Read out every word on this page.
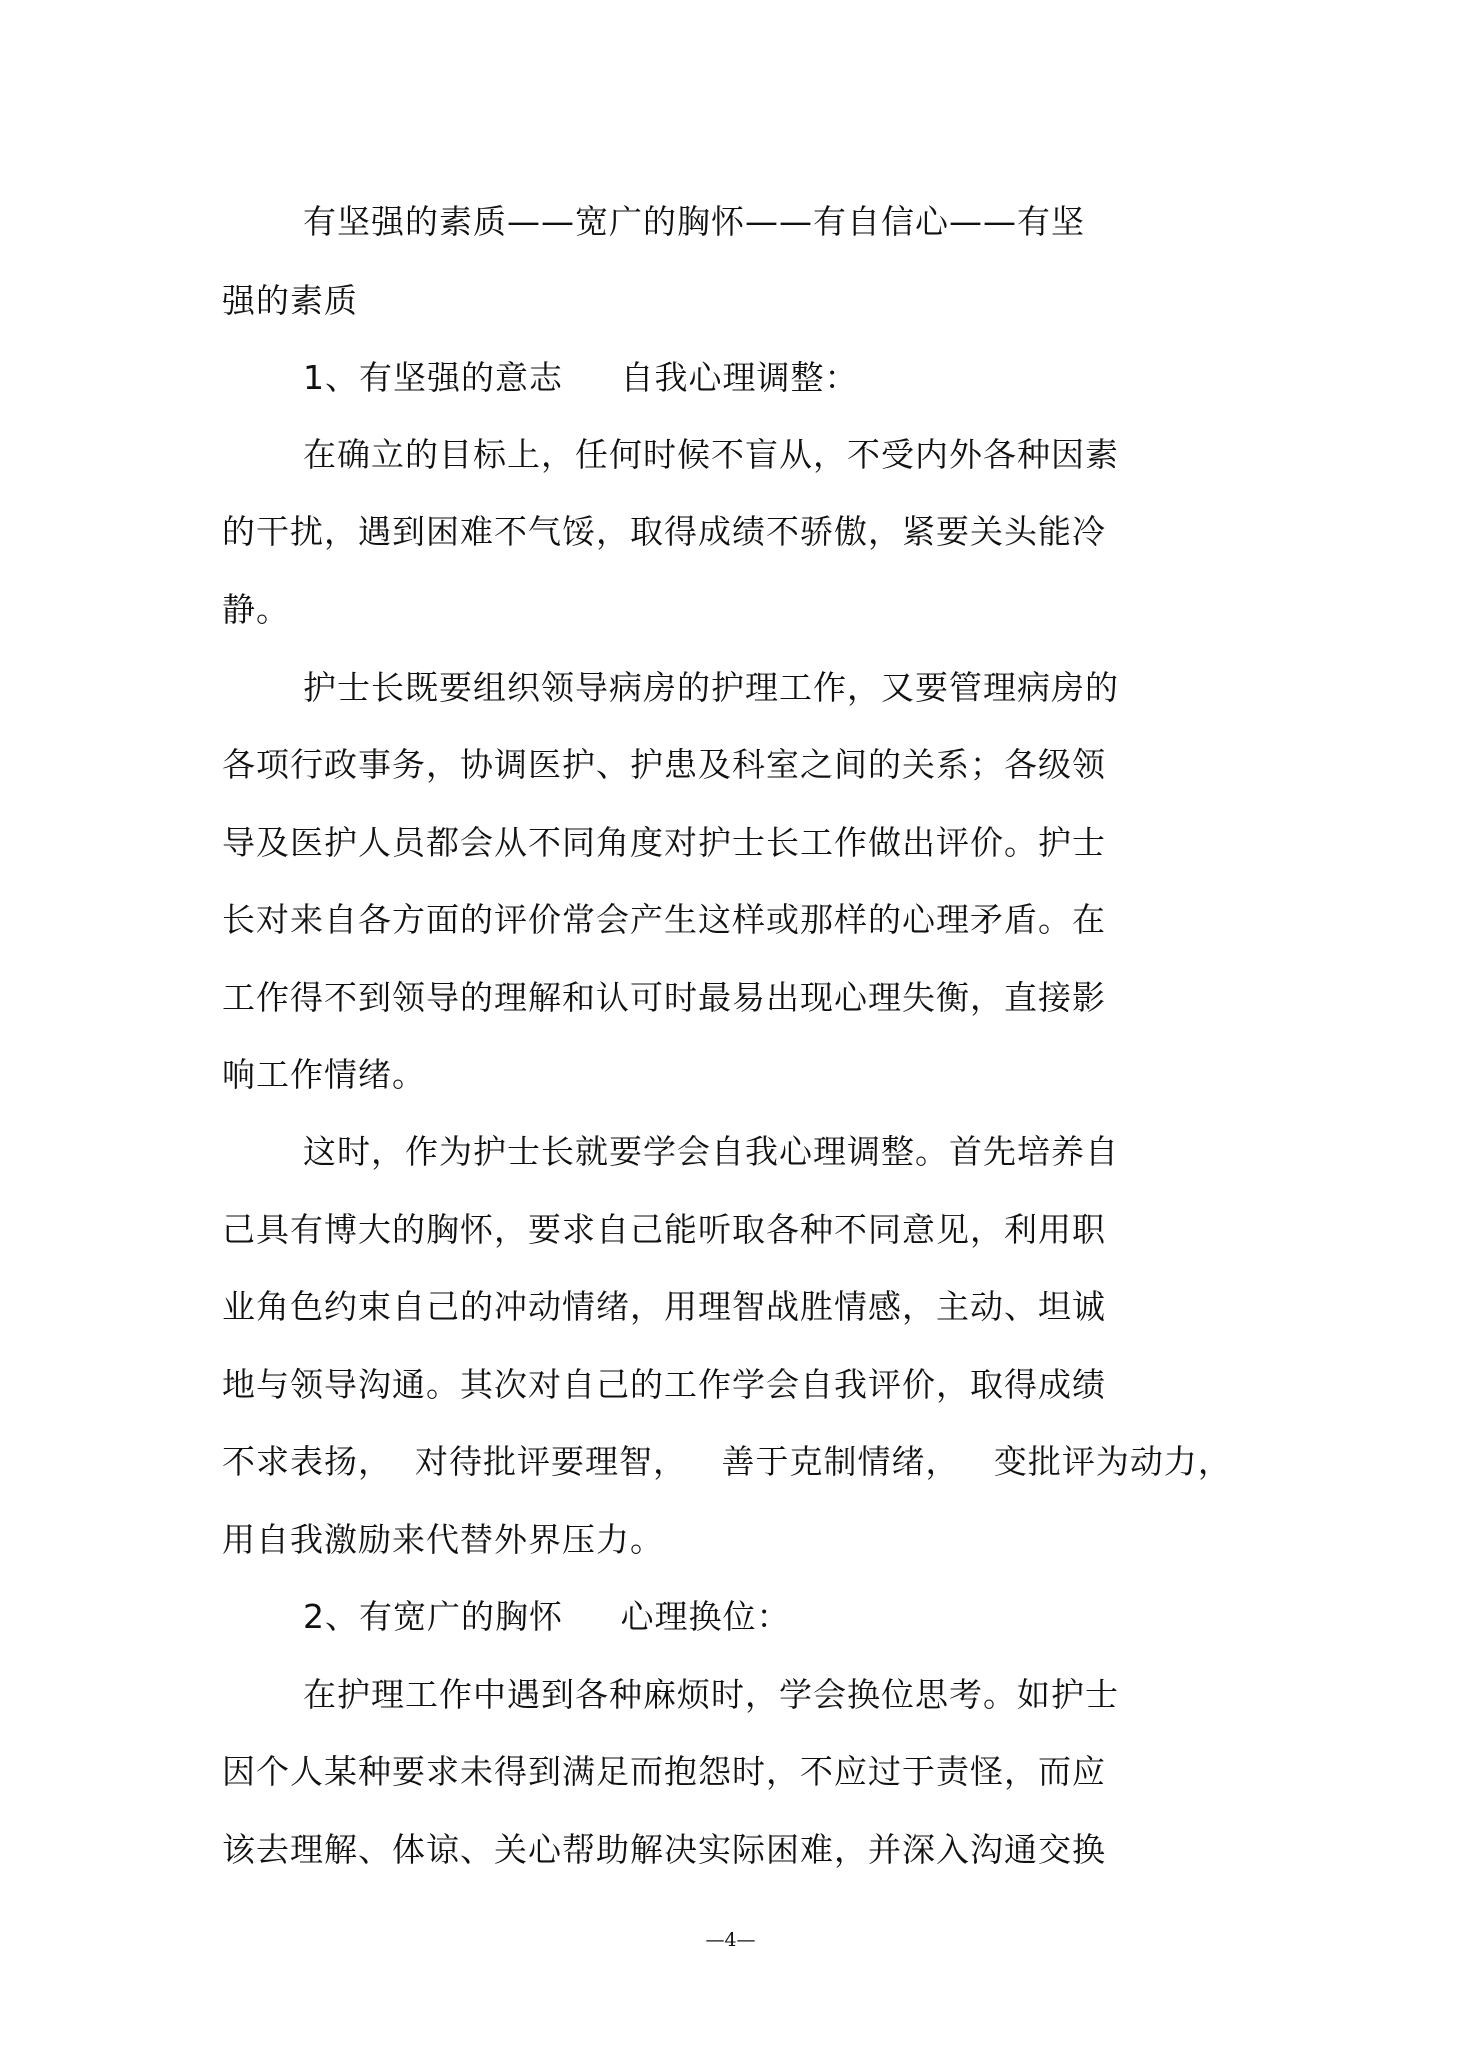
有坚强的素质——宽广的胸怀——有自信心——有坚
强的素质
1、有坚强的意志     自我心理调整：
在确立的目标上，任何时候不盲从，不受内外各种因素
的干扰，遇到困难不气馁，取得成绩不骄傲，紧要关头能冷
静。
护士长既要组织领导病房的护理工作，又要管理病房的
各项行政事务，协调医护、护患及科室之间的关系；各级领
导及医护人员都会从不同角度对护士长工作做出评价。护士
长对来自各方面的评价常会产生这样或那样的心理矛盾。在
工作得不到领导的理解和认可时最易出现心理失衡，直接影
响工作情绪。
这时，作为护士长就要学会自我心理调整。首先培养自
己具有博大的胸怀，要求自己能听取各种不同意见，利用职
业角色约束自己的冲动情绪，用理智战胜情感，主动、坦诚
地与领导沟通。其次对自己的工作学会自我评价，取得成绩
不求表扬，  对待批评要理智，   善于克制情绪，   变批评为动力，
用自我激励来代替外界压力。
2、有宽广的胸怀     心理换位：
在护理工作中遇到各种麻烦时，学会换位思考。如护士
因个人某种要求未得到满足而抱怨时，不应过于责怪，而应
该去理解、体谅、关心帮助解决实际困难，并深入沟通交换
—4—
